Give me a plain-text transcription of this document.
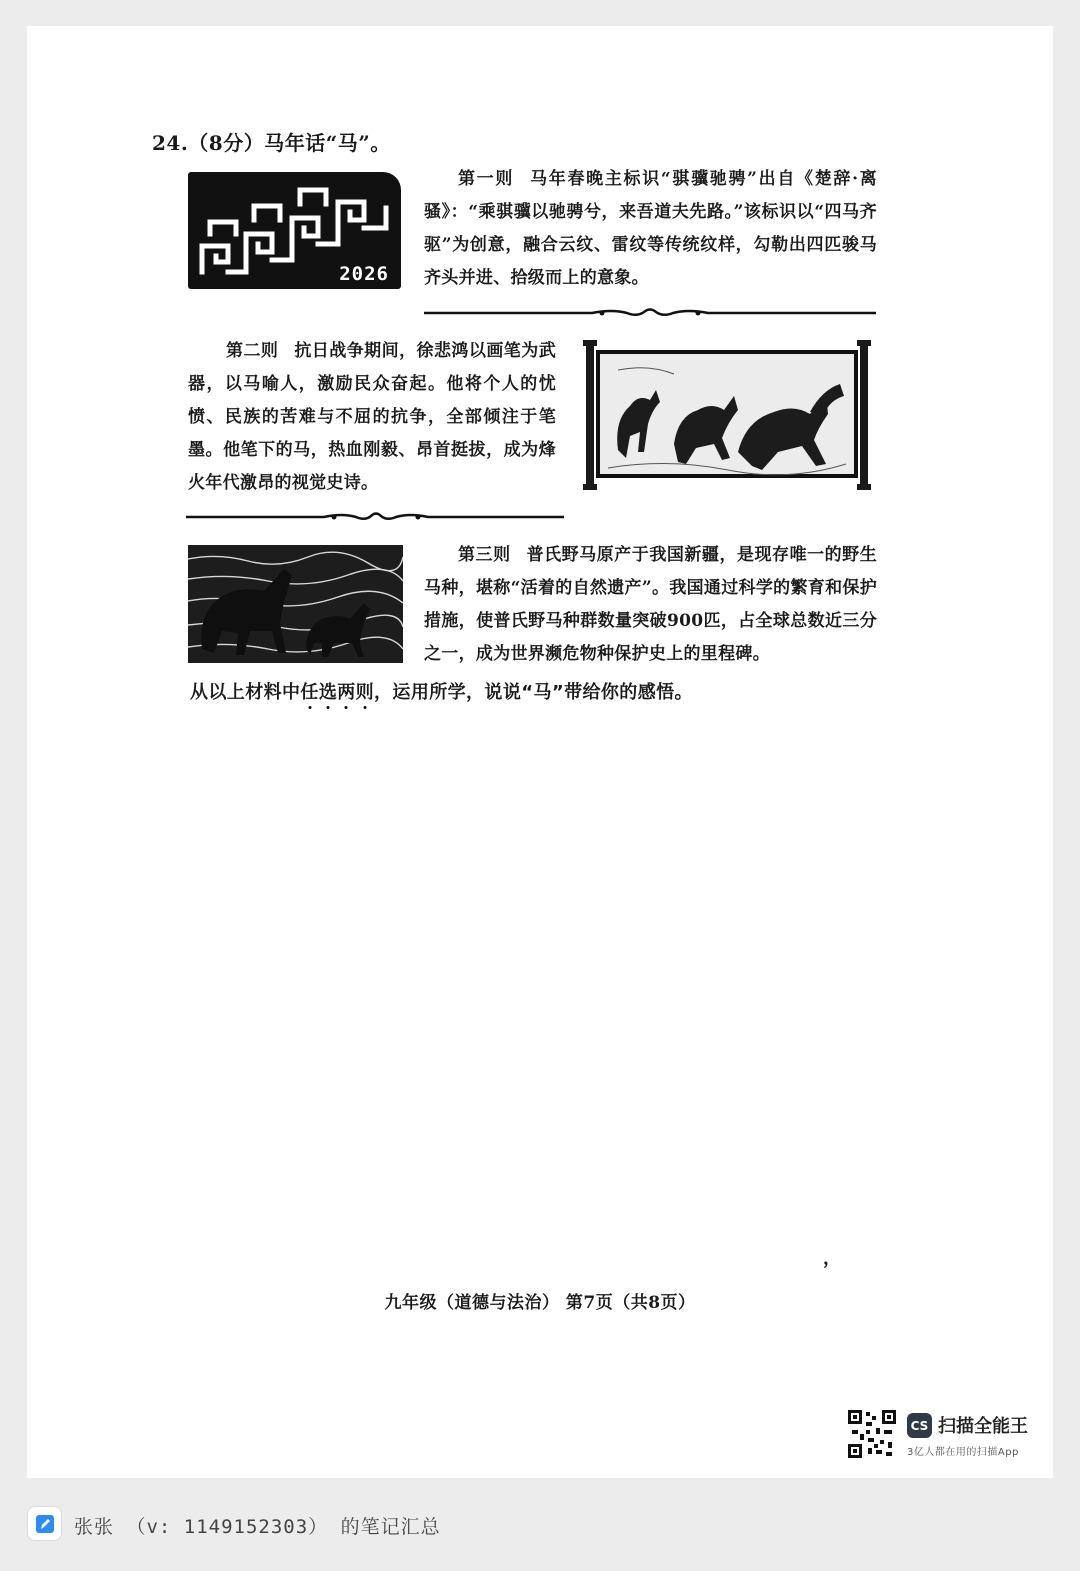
24.（8分）马年话“马”。
2026
第一则 马年春晚主标识“骐骥驰骋”出自《楚辞·离骚》：“乘骐骥以驰骋兮，来吾道夫先路。”该标识以“四马齐驱”为创意，融合云纹、雷纹等传统纹样，勾勒出四匹骏马齐头并进、拾级而上的意象。
第二则 抗日战争期间，徐悲鸿以画笔为武器，以马喻人，激励民众奋起。他将个人的忧愤、民族的苦难与不屈的抗争，全部倾注于笔墨。他笔下的马，热血刚毅、昂首挺拔，成为烽火年代激昂的视觉史诗。
第三则 普氏野马原产于我国新疆，是现存唯一的野生马种，堪称“活着的自然遗产”。我国通过科学的繁育和保护措施，使普氏野马种群数量突破900匹，占全球总数近三分之一，成为世界濒危物种保护史上的里程碑。
从以上材料中任选两则，运用所学，说说“马”带给你的感悟。
，
九年级（道德与法治） 第7页（共8页）
CS 扫描全能王
3亿人都在用的扫描App
张张 （v: 1149152303） 的笔记汇总
